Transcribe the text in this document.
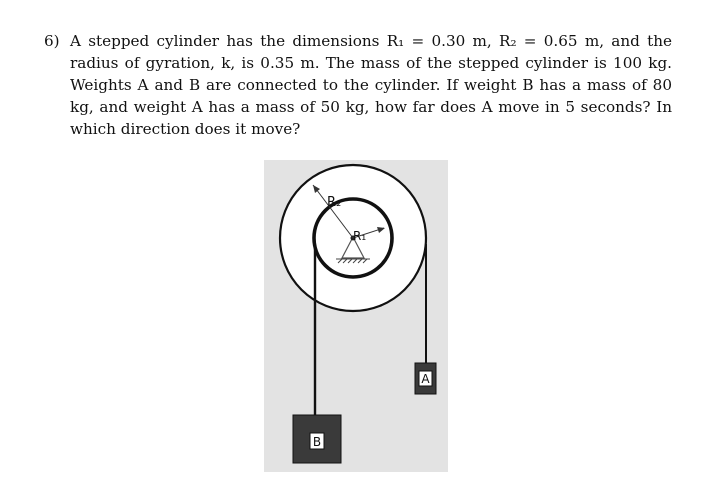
6) A stepped cylinder has the dimensions R₁ = 0.30 m, R₂ = 0.65 m, and the radius of gyration, k, is 0.35 m. The mass of the stepped cylinder is 100 kg. Weights A and B are connected to the cylinder. If weight B has a mass of 80 kg, and weight A has a mass of 50 kg, how far does A move in 5 seconds? In which direction does it move?
R₂
R₁
A
B
